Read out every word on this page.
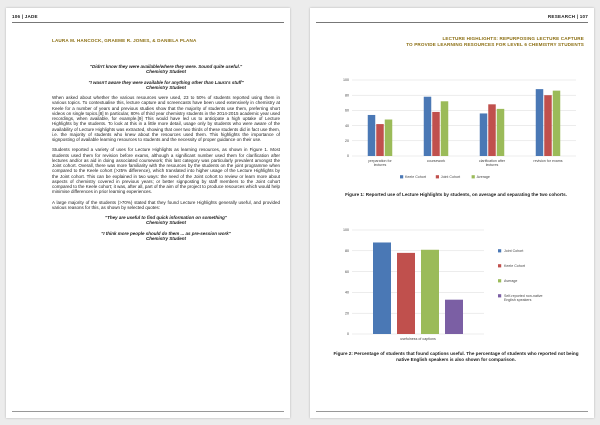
106 | JADE
LAURA M. HANCOCK, GRAEME R. JONES, & DANIELA PLANA
"Didn't know they were available/where they were. Sound quite useful."
Chemistry Student
"I wasn't aware they were available for anything other than Laura's stuff"
Chemistry Student

When asked about whether the various resources were used, 23 to 50% of students reported using them in various topics. To contextualise this, lecture capture and screencasts have been used extensively in chemistry at Keele for a number of years and previous studies show that the majority of students use them, preferring short videos on single topics.[8] In particular, 80% of third year chemistry students in the 2014-2015 academic year used recordings, when available, for example.[9] This would have led us to anticipate a high uptake of Lecture Highlights by the students. To look at this in a little more detail, usage only by students who were aware of the availability of Lecture Highlights was extracted, showing that over two thirds of these students did in fact use them, i.e. the majority of students who knew about the resources used them. This highlights the importance of signposting of available learning resources to students and the necessity of proper guidance on their use.

Students reported a variety of uses for Lecture Highlights as learning resources, as shown in Figure 1. Most students used them for revision before exams, although a significant number used them for clarification after lectures and/or as aid in doing associated coursework; this last category was particularly prevalent amongst the Joint cohort. Overall, there was more familiarity with the resources by the students on the joint programme when compared to the Keele cohort (>25% difference), which translated into higher usage of the Lecture Highlights by the Joint cohort. This can be explained in two ways: the need of the Joint cohort to review or learn more about aspects of chemistry covered in previous years; or better signposting by staff members to the Joint cohort compared to the Keele cohort; it was, after all, part of the aim of the project to produce resources which would help minimise differences in prior learning experiences.

A large majority of the students (>70%) stated that they found Lecture Highlights generally useful, and provided various reasons for this, as shown by selected quotes:

"They are useful to find quick information on something"
Chemistry Student
"I think more people should do them ... as pre-session work"
Chemistry Student
RESEARCH | 107
LECTURE HIGHLIGHTS: REPURPOSING LECTURE CAPTURE
TO PROVIDE LEARNING RESOURCES FOR LEVEL 6 CHEMISTRY STUDENTS
0
20
40
60
80
100
preparation for
lectures
coursework	clarification after
lectures
revision for exams
Keele Cohort	Joint Cohort	Average
Figure 1: Reported use of Lecture Highlights by students, on average and separating the two cohorts.
0
20
40
60
80
100
usefulness of captions
Joint Cohort
Keele Cohort
Average
Self-reported non-native
English speakers
Figure 2: Percentage of students that found captions useful. The percentage of students who reported not being native English speakers is also shown for comparison.
